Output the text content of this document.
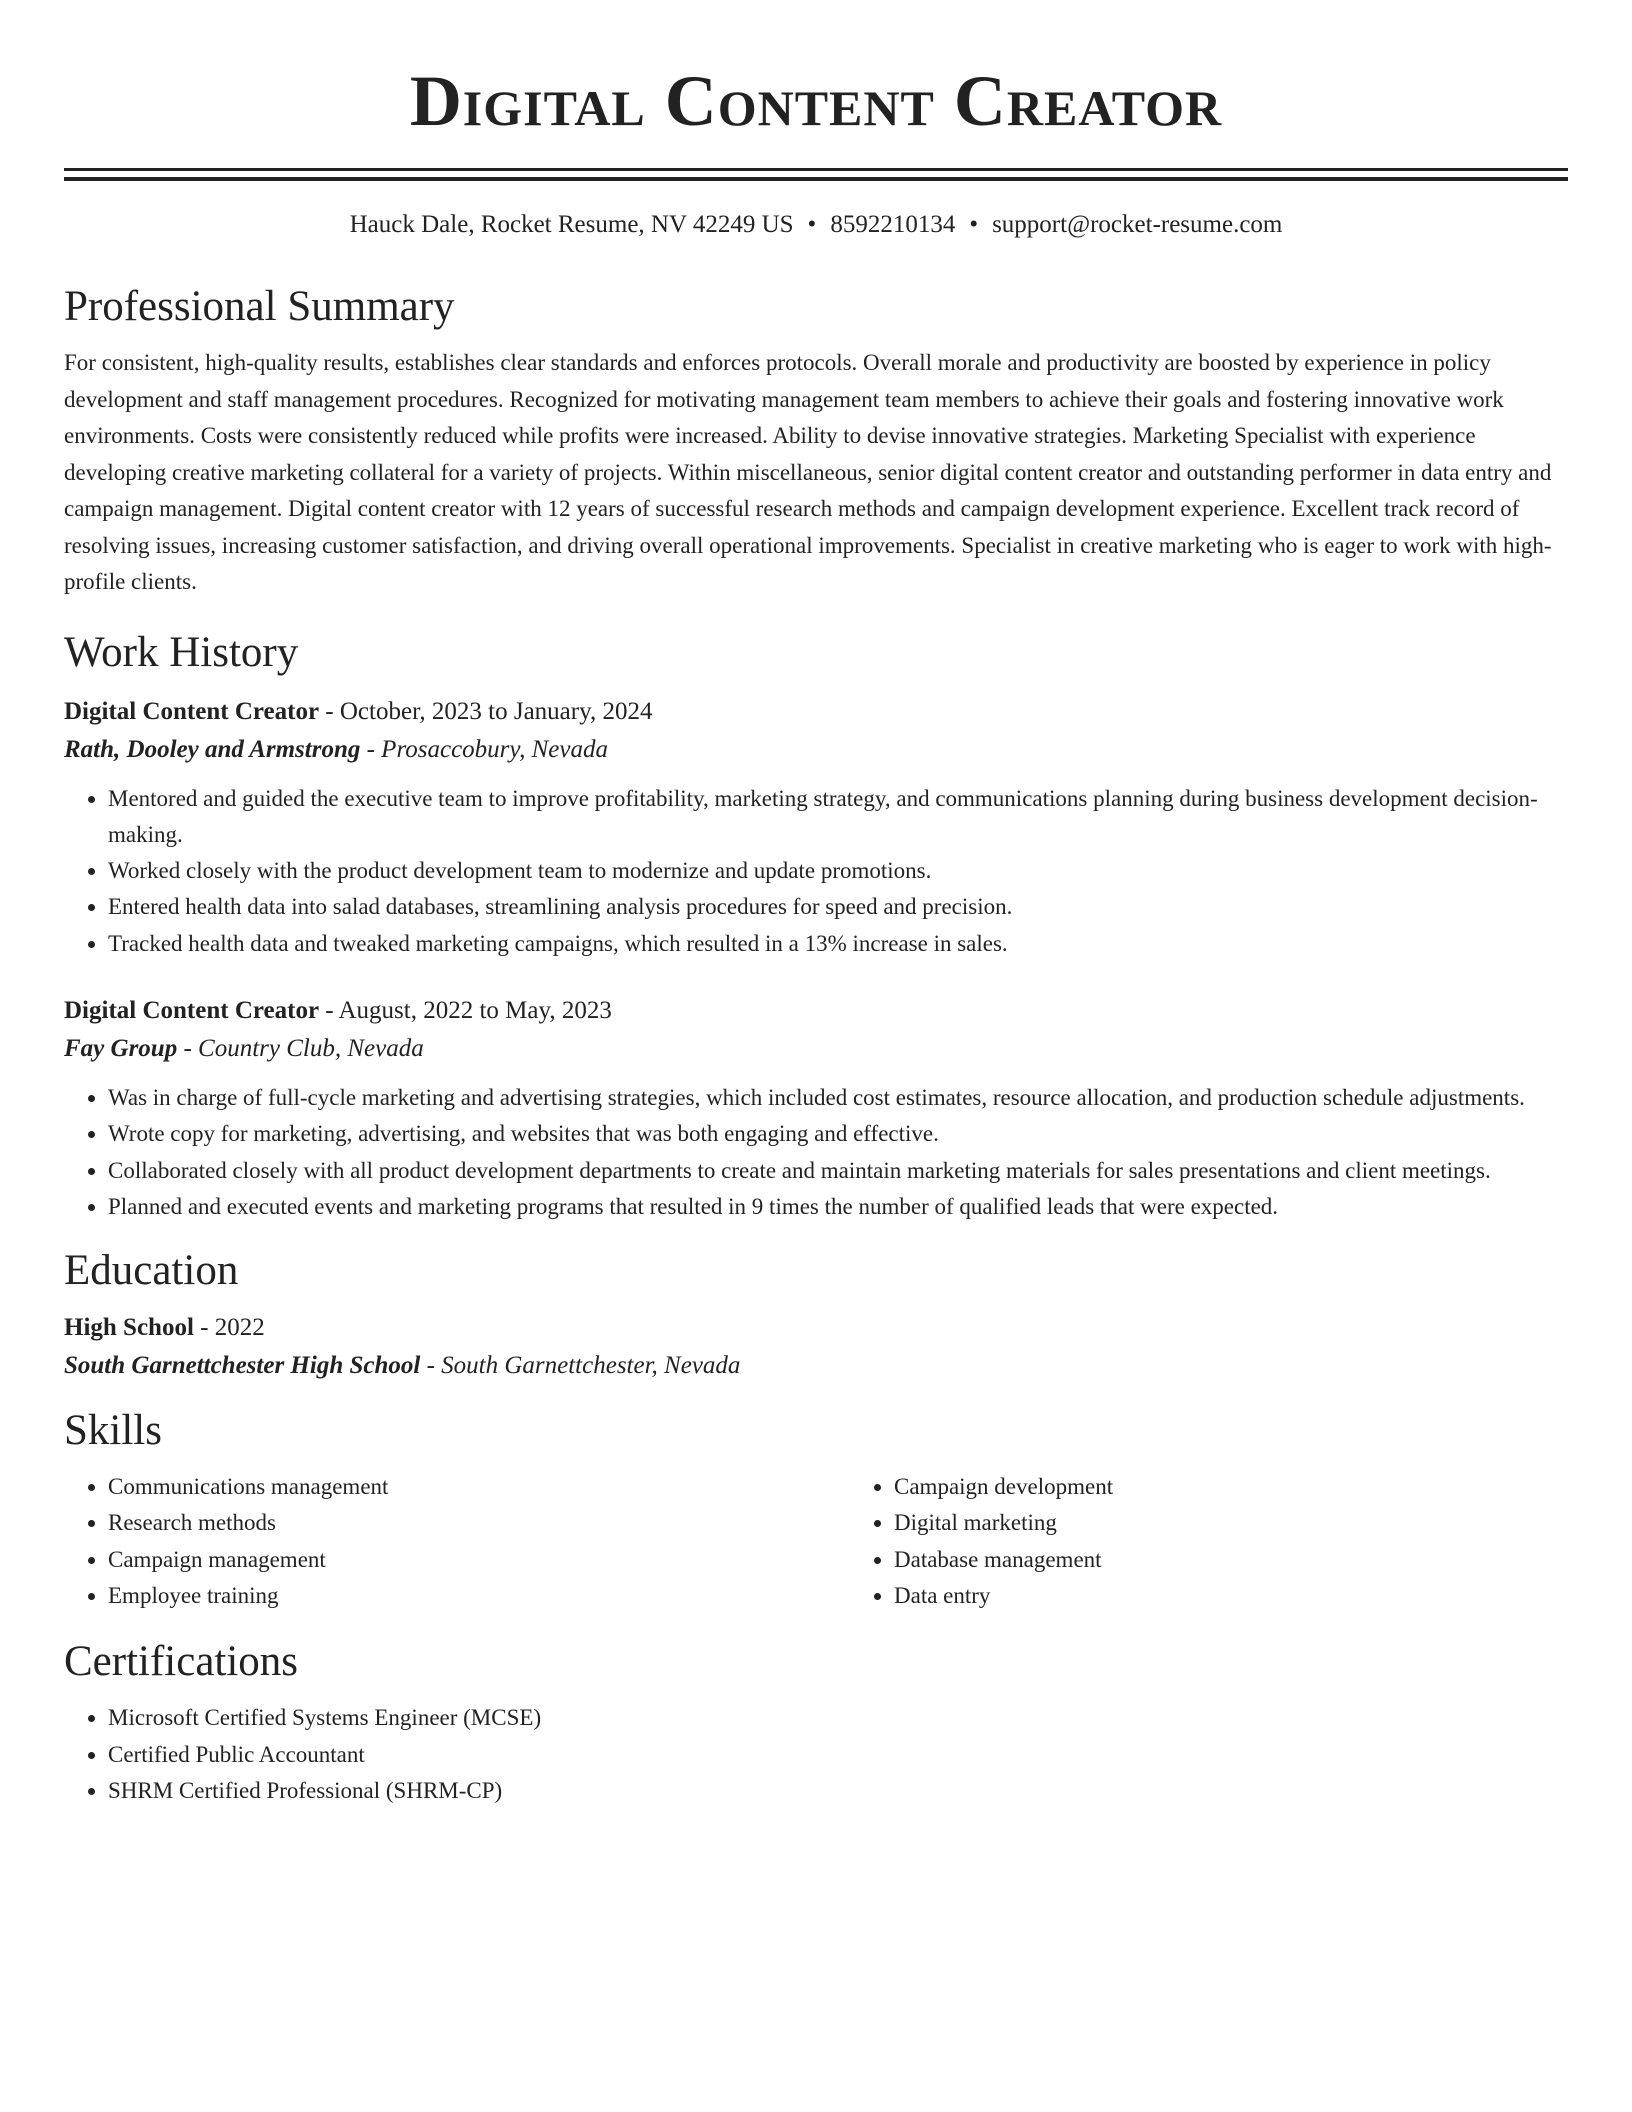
Digital Content Creator
Hauck Dale, Rocket Resume, NV 42249 US • 8592210134 • support@rocket-resume.com
Professional Summary

For consistent, high-quality results, establishes clear standards and enforces protocols. Overall morale and productivity are boosted by experience in policy development and staff management procedures. Recognized for motivating management team members to achieve their goals and fostering innovative work environments. Costs were consistently reduced while profits were increased. Ability to devise innovative strategies. Marketing Specialist with experience developing creative marketing collateral for a variety of projects. Within miscellaneous, senior digital content creator and outstanding performer in data entry and campaign management. Digital content creator with 12 years of successful research methods and campaign development experience. Excellent track record of resolving issues, increasing customer satisfaction, and driving overall operational improvements. Specialist in creative marketing who is eager to work with high-profile clients.

Work History
Digital Content Creator - October, 2023 to January, 2024
Rath, Dooley and Armstrong - Prosaccobury, Nevada
• Mentored and guided the executive team to improve profitability, marketing strategy, and communications planning during business development decision-making.
• Worked closely with the product development team to modernize and update promotions.
• Entered health data into salad databases, streamlining analysis procedures for speed and precision.
• Tracked health data and tweaked marketing campaigns, which resulted in a 13% increase in sales.
Digital Content Creator - August, 2022 to May, 2023
Fay Group - Country Club, Nevada
• Was in charge of full-cycle marketing and advertising strategies, which included cost estimates, resource allocation, and production schedule adjustments.
• Wrote copy for marketing, advertising, and websites that was both engaging and effective.
• Collaborated closely with all product development departments to create and maintain marketing materials for sales presentations and client meetings.
• Planned and executed events and marketing programs that resulted in 9 times the number of qualified leads that were expected.
Education
High School - 2022
South Garnettchester High School - South Garnettchester, Nevada
Skills
• Communications management
• Research methods
• Campaign management
• Employee training
• Campaign development
• Digital marketing
• Database management
• Data entry
Certifications
• Microsoft Certified Systems Engineer (MCSE)
• Certified Public Accountant
• SHRM Certified Professional (SHRM-CP)
